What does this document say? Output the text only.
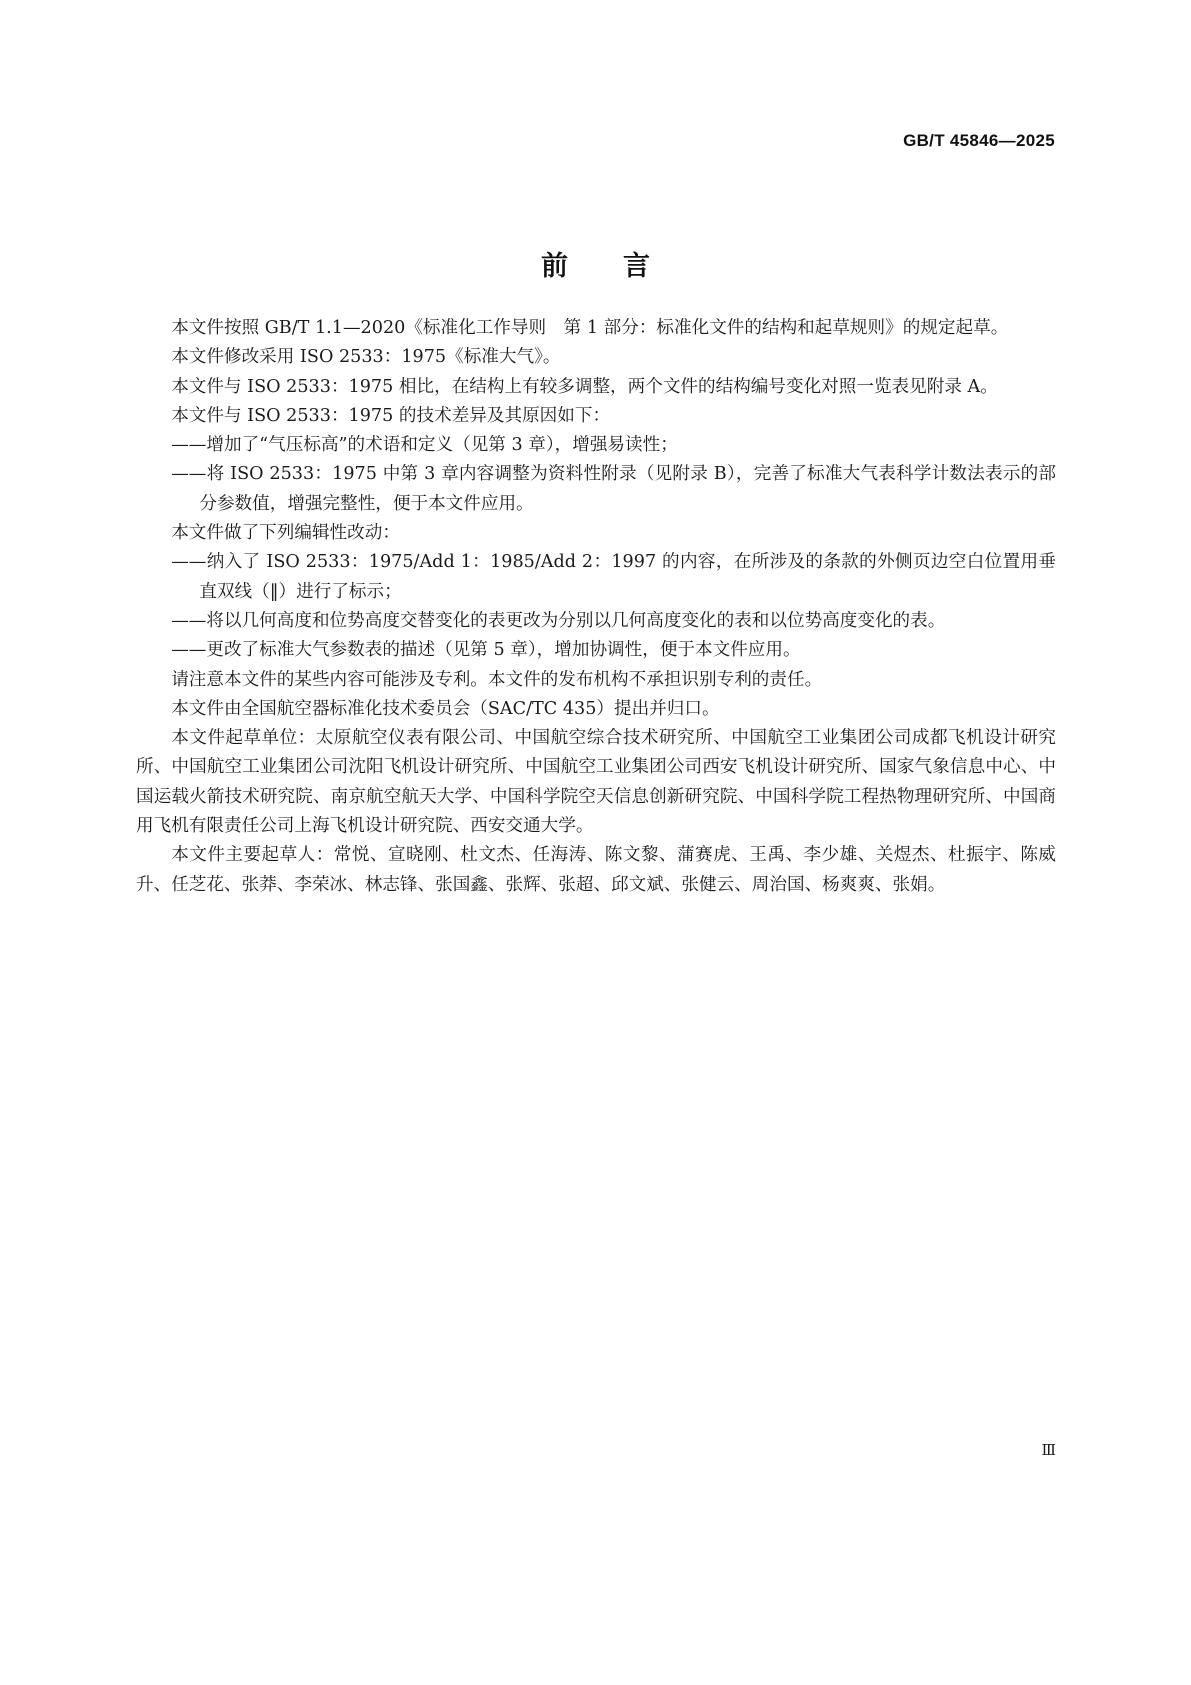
GB/T 45846—2025
前言

本文件按照 GB/T 1.1—2020《标准化工作导则　第 1 部分：标准化文件的结构和起草规则》的规定起草。

本文件修改采用 ISO 2533：1975《标准大气》。

本文件与 ISO 2533：1975 相比，在结构上有较多调整，两个文件的结构编号变化对照一览表见附录 A。

本文件与 ISO 2533：1975 的技术差异及其原因如下：

——增加了“气压标高”的术语和定义（见第 3 章），增强易读性；

——将 ISO 2533：1975 中第 3 章内容调整为资料性附录（见附录 B），完善了标准大气表科学计数法表示的部分参数值，增强完整性，便于本文件应用。

本文件做了下列编辑性改动：

——纳入了 ISO 2533：1975/Add 1：1985/Add 2：1997 的内容，在所涉及的条款的外侧页边空白位置用垂直双线（‖）进行了标示；

——将以几何高度和位势高度交替变化的表更改为分别以几何高度变化的表和以位势高度变化的表。

——更改了标准大气参数表的描述（见第 5 章），增加协调性，便于本文件应用。

请注意本文件的某些内容可能涉及专利。本文件的发布机构不承担识别专利的责任。

本文件由全国航空器标准化技术委员会（SAC/TC 435）提出并归口。

本文件起草单位：太原航空仪表有限公司、中国航空综合技术研究所、中国航空工业集团公司成都飞机设计研究所、中国航空工业集团公司沈阳飞机设计研究所、中国航空工业集团公司西安飞机设计研究所、国家气象信息中心、中国运载火箭技术研究院、南京航空航天大学、中国科学院空天信息创新研究院、中国科学院工程热物理研究所、中国商用飞机有限责任公司上海飞机设计研究院、西安交通大学。

本文件主要起草人：常悦、宣晓刚、杜文杰、任海涛、陈文黎、蒲赛虎、王禹、李少雄、关煜杰、杜振宇、陈威升、任芝花、张莽、李荣冰、林志锋、张国鑫、张辉、张超、邱文斌、张健云、周治国、杨爽爽、张娟。

Ⅲ
